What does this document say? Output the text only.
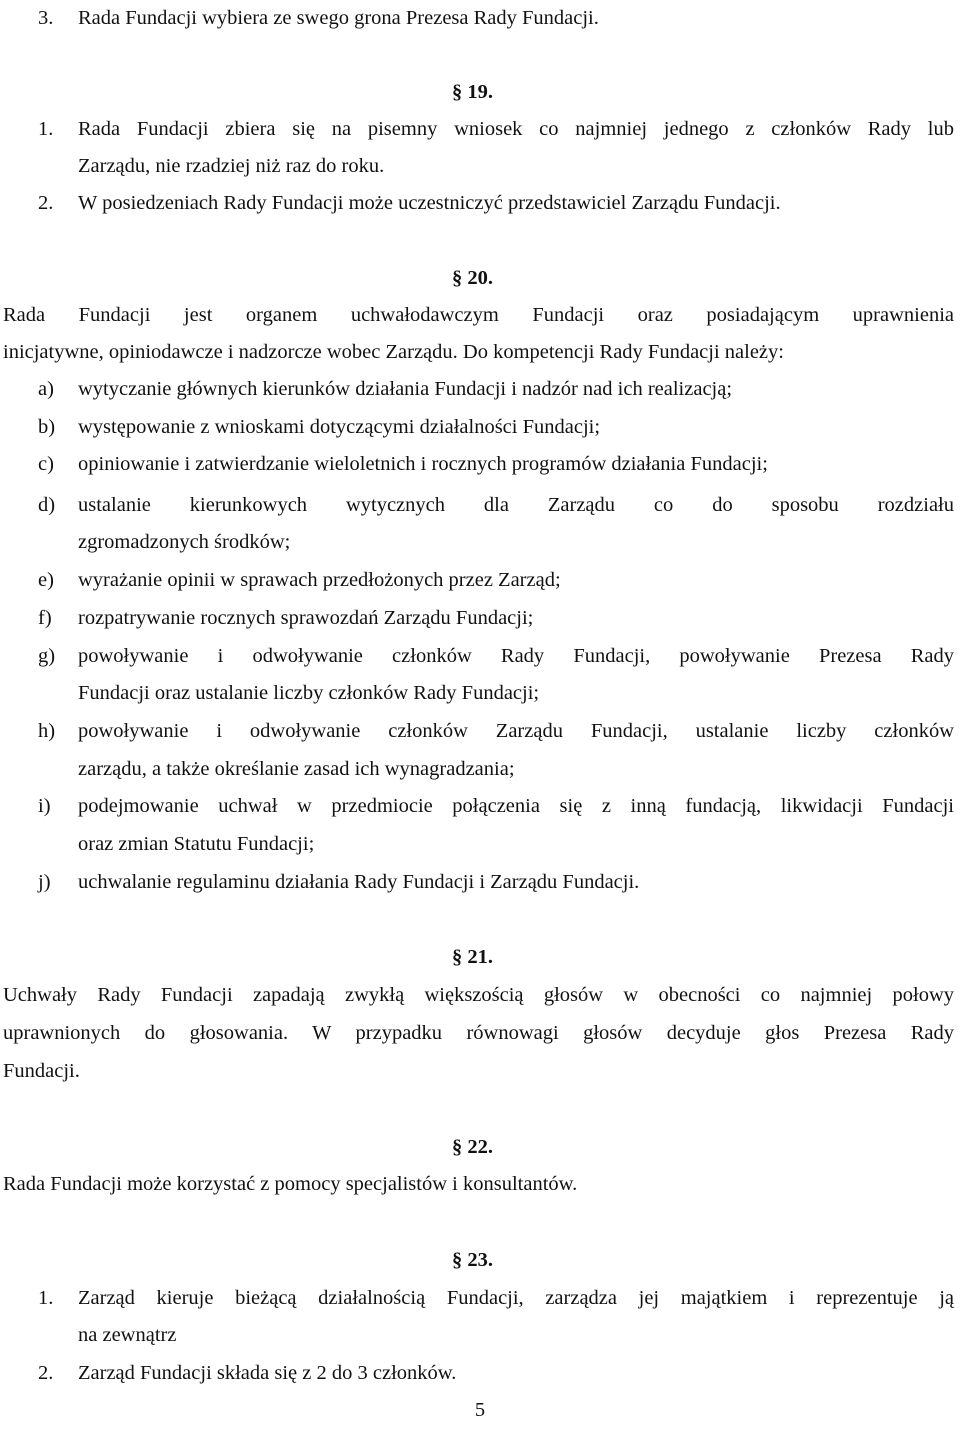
3. Rada Fundacji wybiera ze swego grona Prezesa Rady Fundacji.
§ 19.
1. Rada Fundacji zbiera się na pisemny wniosek co najmniej jednego z członków Rady lub
Zarządu, nie rzadziej niż raz do roku.
2. W posiedzeniach Rady Fundacji może uczestniczyć przedstawiciel Zarządu Fundacji.
§ 20.
Rada Fundacji jest organem uchwałodawczym Fundacji oraz posiadającym uprawnienia
inicjatywne, opiniodawcze i nadzorcze wobec Zarządu. Do kompetencji Rady Fundacji należy:
a) wytyczanie głównych kierunków działania Fundacji i nadzór nad ich realizacją;
b) występowanie z wnioskami dotyczącymi działalności Fundacji;
c) opiniowanie i zatwierdzanie wieloletnich i rocznych programów działania Fundacji;
d) ustalanie kierunkowych wytycznych dla Zarządu co do sposobu rozdziału
zgromadzonych środków;
e) wyrażanie opinii w sprawach przedłożonych przez Zarząd;
f) rozpatrywanie rocznych sprawozdań Zarządu Fundacji;
g) powoływanie i odwoływanie członków Rady Fundacji, powoływanie Prezesa Rady
Fundacji oraz ustalanie liczby członków Rady Fundacji;
h) powoływanie i odwoływanie członków Zarządu Fundacji, ustalanie liczby członków
zarządu, a także określanie zasad ich wynagradzania;
i) podejmowanie uchwał w przedmiocie połączenia się z inną fundacją, likwidacji Fundacji
oraz zmian Statutu Fundacji;
j) uchwalanie regulaminu działania Rady Fundacji i Zarządu Fundacji.
§ 21.
Uchwały Rady Fundacji zapadają zwykłą większością głosów w obecności co najmniej połowy
uprawnionych do głosowania. W przypadku równowagi głosów decyduje głos Prezesa Rady
Fundacji.
§ 22.
Rada Fundacji może korzystać z pomocy specjalistów i konsultantów.
§ 23.
1. Zarząd kieruje bieżącą działalnością Fundacji, zarządza jej majątkiem i reprezentuje ją
na zewnątrz
2. Zarząd Fundacji składa się z 2 do 3 członków.
5
